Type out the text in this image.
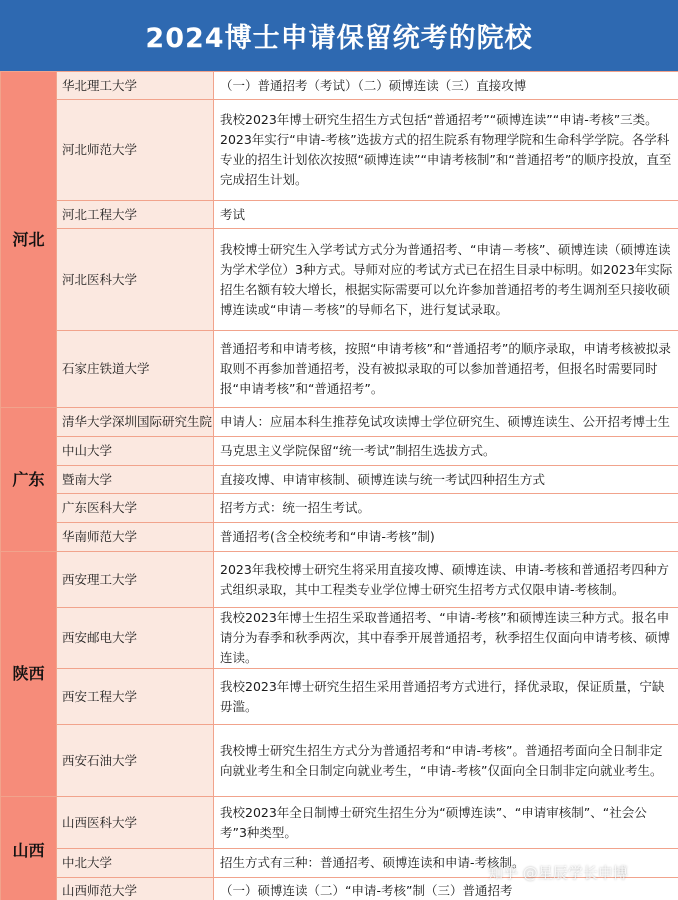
2024博士申请保留统考的院校
河北	华北理工大学	（一）普通招考（考试）（二）硕博连读（三）直接攻博
	河北师范大学	我校2023年博士研究生招生方式包括“普通招考”“硕博连读”“申请-考核”三类。2023年实行“申请-考核”选拔方式的招生院系有物理学院和生命科学学院。各学科专业的招生计划依次按照“硕博连读”“申请考核制”和“普通招考”的顺序投放，直至完成招生计划。
	河北工程大学	考试
	河北医科大学	我校博士研究生入学考试方式分为普通招考、“申请－考核”、硕博连读（硕博连读为学术学位）3种方式。导师对应的考试方式已在招生目录中标明。如2023年实际招生名额有较大增长，根据实际需要可以允许参加普通招考的考生调剂至只接收硕博连读或“申请－考核”的导师名下，进行复试录取。
	石家庄铁道大学	普通招考和申请考核，按照“申请考核”和“普通招考”的顺序录取，申请考核被拟录取则不再参加普通招考，没有被拟录取的可以参加普通招考，但报名时需要同时报“申请考核”和“普通招考”。
广东	清华大学深圳国际研究生院	申请人：应届本科生推荐免试攻读博士学位研究生、硕博连读生、公开招考博士生
	中山大学	马克思主义学院保留“统一考试”制招生选拔方式。
	暨南大学	直接攻博、申请审核制、硕博连读与统一考试四种招生方式
	广东医科大学	招考方式：统一招生考试。
	华南师范大学	普通招考(含全校统考和“申请-考核”制)
陕西	西安理工大学	2023年我校博士研究生将采用直接攻博、硕博连读、申请-考核和普通招考四种方式组织录取，其中工程类专业学位博士研究生招考方式仅限申请-考核制。
	西安邮电大学	我校2023年博士生招生采取普通招考、“申请-考核”和硕博连读三种方式。报名申请分为春季和秋季两次，其中春季开展普通招考，秋季招生仅面向申请考核、硕博连读。
	西安工程大学	我校2023年博士研究生招生采用普通招考方式进行，择优录取，保证质量，宁缺毋滥。
	西安石油大学	我校博士研究生招生方式分为普通招考和“申请-考核”。普通招考面向全日制非定向就业考生和全日制定向就业考生，“申请-考核”仅面向全日制非定向就业考生。
山西	山西医科大学	我校2023年全日制博士研究生招生分为“硕博连读”、“申请审核制”、“社会公考”3种类型。
	中北大学	招生方式有三种：普通招考、硕博连读和申请-考核制。
	山西师范大学	（一）硕博连读（二）“申请-考核”制（三）普通招考
知乎 @星辰学长申博
